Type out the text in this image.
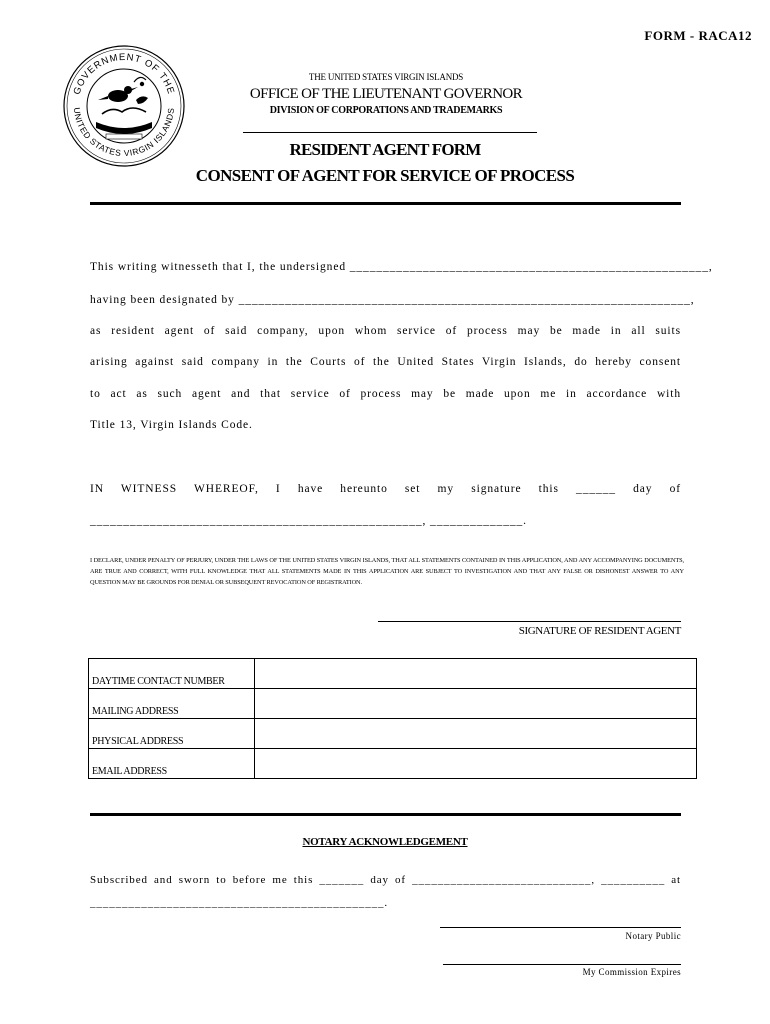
FORM - RACA12
GOVERNMENT OF THE
UNITED STATES VIRGIN ISLANDS
THE UNITED STATES VIRGIN ISLANDS
OFFICE OF THE LIEUTENANT GOVERNOR
DIVISION OF CORPORATIONS AND TRADEMARKS
RESIDENT AGENT FORM
CONSENT OF AGENT FOR SERVICE OF PROCESS
This writing witnesseth that I, the undersigned ______________________________________________________,
having been designated by ____________________________________________________________________,
as resident agent of said company, upon whom service of process may be made in all suits
arising against said company in the Courts of the United States Virgin Islands, do hereby consent
to act as such agent and that service of process may be made upon me in accordance with
Title 13, Virgin Islands Code.
IN WITNESS WHEREOF, I have hereunto set my signature this ______ day of
__________________________________________________, ______________.
I DECLARE, UNDER PENALTY OF PERJURY, UNDER THE LAWS OF THE UNITED STATES VIRGIN ISLANDS, THAT ALL STATEMENTS CONTAINED IN THIS APPLICATION, AND ANY ACCOMPANYING DOCUMENTS, ARE TRUE AND CORRECT, WITH FULL KNOWLEDGE THAT ALL STATEMENTS MADE IN THIS APPLICATION ARE SUBJECT TO INVESTIGATION AND THAT ANY FALSE OR DISHONEST ANSWER TO ANY QUESTION MAY BE GROUNDS FOR DENIAL OR SUBSEQUENT REVOCATION OF REGISTRATION.
SIGNATURE OF RESIDENT AGENT
DAYTIME CONTACT NUMBER	
MAILING ADDRESS	
PHYSICAL ADDRESS	
EMAIL ADDRESS	
NOTARY ACKNOWLEDGEMENT
Subscribed and sworn to before me this _______ day of ____________________________, __________ at
______________________________________________.
Notary Public
My Commission Expires
